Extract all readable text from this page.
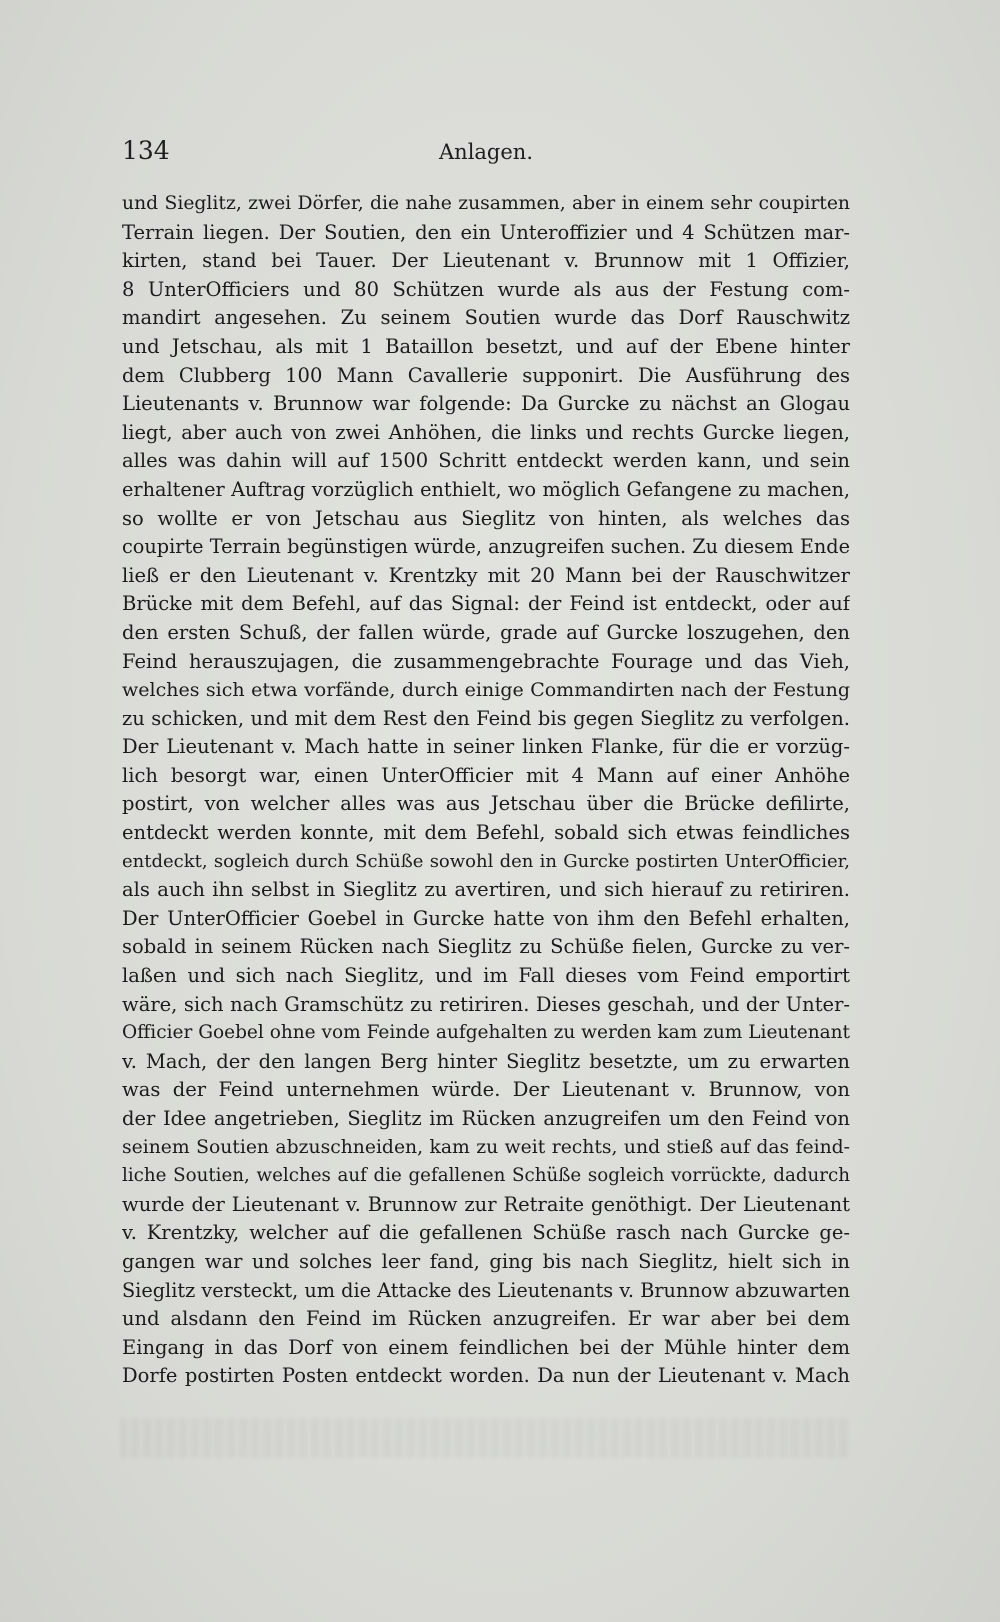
134	Anlagen.
und Sieglitz, zwei Dörfer, die nahe zusammen, aber in einem sehr coupirten
Terrain liegen. Der Soutien, den ein Unteroffizier und 4 Schützen mar-
kirten, stand bei Tauer. Der Lieutenant v. Brunnow mit 1 Offizier,
8 UnterOfficiers und 80 Schützen wurde als aus der Festung com-
mandirt angesehen. Zu seinem Soutien wurde das Dorf Rauschwitz
und Jetschau, als mit 1 Bataillon besetzt, und auf der Ebene hinter
dem Clubberg 100 Mann Cavallerie supponirt. Die Ausführung des
Lieutenants v. Brunnow war folgende: Da Gurcke zu nächst an Glogau
liegt, aber auch von zwei Anhöhen, die links und rechts Gurcke liegen,
alles was dahin will auf 1500 Schritt entdeckt werden kann, und sein
erhaltener Auftrag vorzüglich enthielt, wo möglich Gefangene zu machen,
so wollte er von Jetschau aus Sieglitz von hinten, als welches das
coupirte Terrain begünstigen würde, anzugreifen suchen. Zu diesem Ende
ließ er den Lieutenant v. Krentzky mit 20 Mann bei der Rauschwitzer
Brücke mit dem Befehl, auf das Signal: der Feind ist entdeckt, oder auf
den ersten Schuß, der fallen würde, grade auf Gurcke loszugehen, den
Feind herauszujagen, die zusammengebrachte Fourage und das Vieh,
welches sich etwa vorfände, durch einige Commandirten nach der Festung
zu schicken, und mit dem Rest den Feind bis gegen Sieglitz zu verfolgen.
Der Lieutenant v. Mach hatte in seiner linken Flanke, für die er vorzüg-
lich besorgt war, einen UnterOfficier mit 4 Mann auf einer Anhöhe
postirt, von welcher alles was aus Jetschau über die Brücke defilirte,
entdeckt werden konnte, mit dem Befehl, sobald sich etwas feindliches
entdeckt, sogleich durch Schüße sowohl den in Gurcke postirten UnterOfficier,
als auch ihn selbst in Sieglitz zu avertiren, und sich hierauf zu retiriren.
Der UnterOfficier Goebel in Gurcke hatte von ihm den Befehl erhalten,
sobald in seinem Rücken nach Sieglitz zu Schüße fielen, Gurcke zu ver-
laßen und sich nach Sieglitz, und im Fall dieses vom Feind emportirt
wäre, sich nach Gramschütz zu retiriren. Dieses geschah, und der Unter-
Officier Goebel ohne vom Feinde aufgehalten zu werden kam zum Lieutenant
v. Mach, der den langen Berg hinter Sieglitz besetzte, um zu erwarten
was der Feind unternehmen würde. Der Lieutenant v. Brunnow, von
der Idee angetrieben, Sieglitz im Rücken anzugreifen um den Feind von
seinem Soutien abzuschneiden, kam zu weit rechts, und stieß auf das feind-
liche Soutien, welches auf die gefallenen Schüße sogleich vorrückte, dadurch
wurde der Lieutenant v. Brunnow zur Retraite genöthigt. Der Lieutenant
v. Krentzky, welcher auf die gefallenen Schüße rasch nach Gurcke ge-
gangen war und solches leer fand, ging bis nach Sieglitz, hielt sich in
Sieglitz versteckt, um die Attacke des Lieutenants v. Brunnow abzuwarten
und alsdann den Feind im Rücken anzugreifen. Er war aber bei dem
Eingang in das Dorf von einem feindlichen bei der Mühle hinter dem
Dorfe postirten Posten entdeckt worden. Da nun der Lieutenant v. Mach
